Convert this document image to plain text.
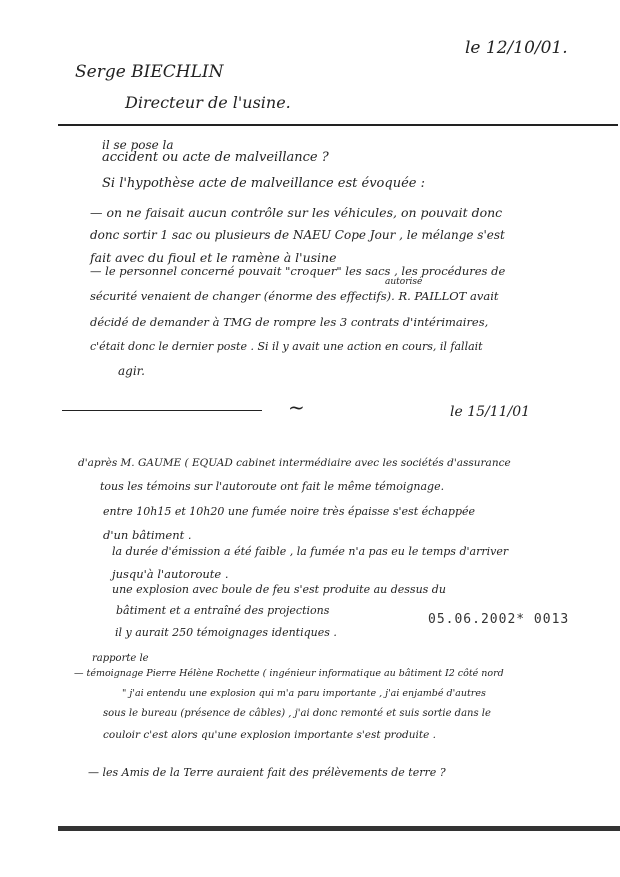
le 12/10/01.
Serge BIECHLIN
Directeur de l'usine.
il se pose la
accident ou acte de malveillance ?
Si l'hypothèse acte de malveillance est évoquée :
— on ne faisait aucun contrôle sur les véhicules, on pouvait donc
donc sortir 1 sac ou plusieurs de NAEU Cope Jour , le mélange s'est
fait avec du fioul et le ramène à l'usine
— le personnel concerné pouvait "croquer" les sacs , les procédures de
autorisé
sécurité venaient de changer (énorme des effectifs). R. PAILLOT avait
décidé de demander à TMG de rompre les 3 contrats d'intérimaires,
c'était donc le dernier poste . Si il y avait une action en cours, il fallait
agir.
~	le 15/11/01
d'après M. GAUME ( EQUAD cabinet intermédiaire avec les sociétés d'assurance
tous les témoins sur l'autoroute ont fait le même témoignage.
entre 10h15 et 10h20 une fumée noire très épaisse s'est échappée
d'un bâtiment .
la durée d'émission a été faible , la fumée n'a pas eu le temps d'arriver
jusqu'à l'autoroute .
une explosion avec boule de feu s'est produite au dessus du
bâtiment et a entraîné des projections
il y aurait 250 témoignages identiques .
05.06.2002* 0013
rapporte le
— témoignage Pierre Hélène Rochette ( ingénieur informatique au bâtiment I2 côté nord
" j'ai entendu une explosion qui m'a paru importante , j'ai enjambé d'autres
sous le bureau (présence de câbles) , j'ai donc remonté et suis sortie dans le
couloir c'est alors qu'une explosion importante s'est produite .
— les Amis de la Terre auraient fait des prélèvements de terre ?
